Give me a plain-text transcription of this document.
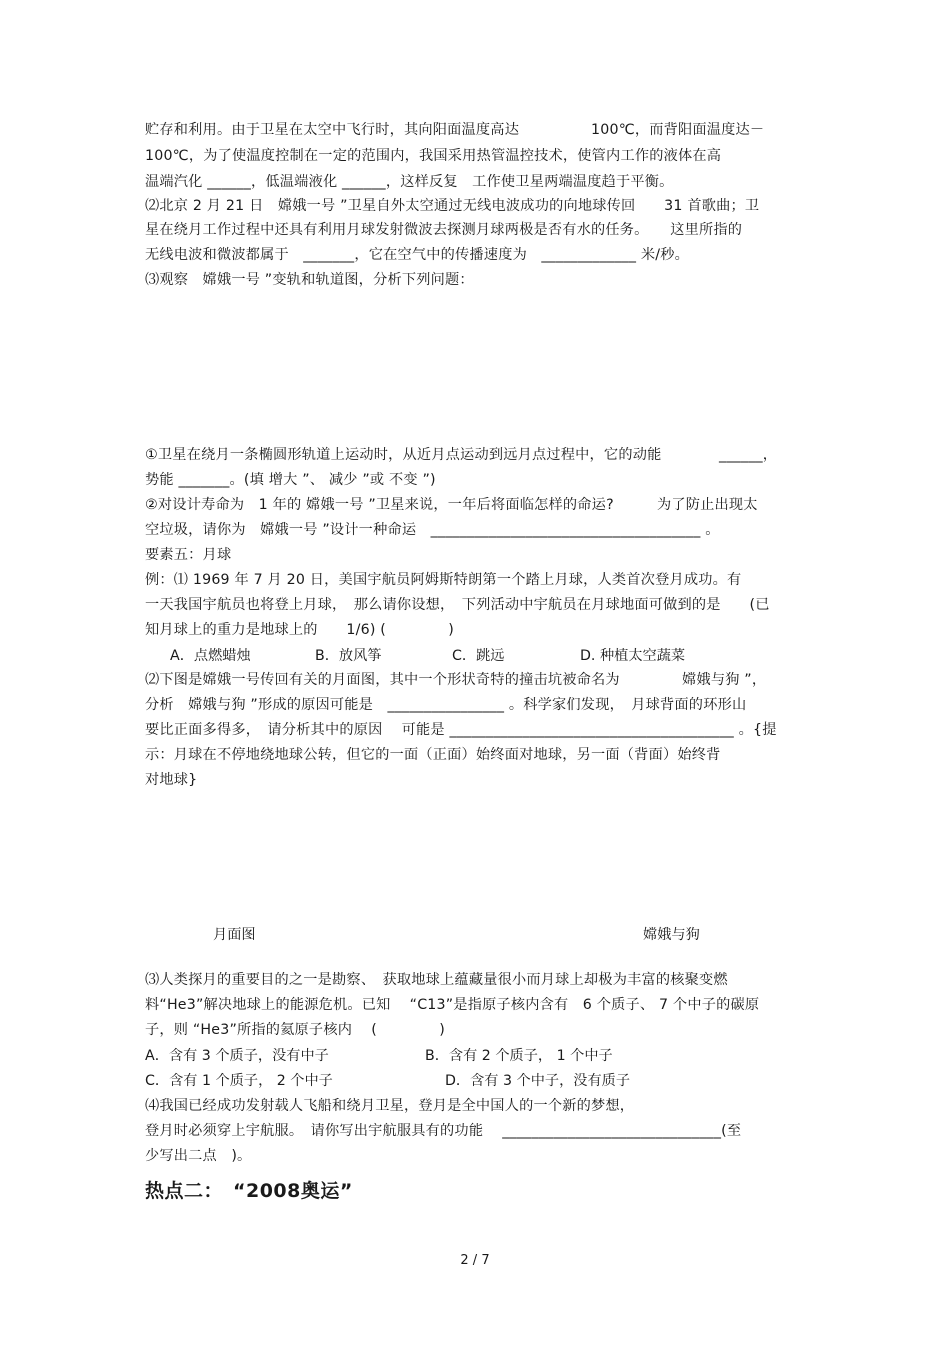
贮存和利用。由于卫星在太空中飞行时，其向阳面温度高达　　　　　100℃，而背阳面温度达－
100℃，为了使温度控制在一定的范围内，我国采用热管温控技术，使管内工作的液体在高
温端汽化 ______，低温端液化 ______，这样反复　工作使卫星两端温度趋于平衡。
⑵北京 2 月 21 日　嫦娥一号 ”卫星自外太空通过无线电波成功的向地球传回　　31 首歌曲；卫
星在绕月工作过程中还具有利用月球发射微波去探测月球两极是否有水的任务。　　这里所指的
无线电波和微波都属于　_______，它在空气中的传播速度为　_____________ 米/秒。
⑶观察　嫦娥一号 ”变轨和轨道图，分析下列问题：
①卫星在绕月一条椭圆形轨道上运动时，从近月点运动到远月点过程中，它的动能　　　　______，
势能 _______。(填 增大 ”、 减少 ”或 不变 ”)
②对设计寿命为　1 年的 嫦娥一号 ”卫星来说，一年后将面临怎样的命运?　　　为了防止出现太
空垃圾，请你为　嫦娥一号 ”设计一种命运　_____________________________________ 。
要素五：月球
例：⑴ 1969 年 7 月 20 日，美国宇航员阿姆斯特朗第一个踏上月球，人类首次登月成功。有
一天我国宇航员也将登上月球，　那么请你设想，　下列活动中宇航员在月球地面可做到的是　　(已
知月球上的重力是地球上的　　1/6) (　　　　 )
A．点燃蜡烛	B．放风筝	C．跳远	D. 种植太空蔬菜
⑵下图是嫦娥一号传回有关的月面图，其中一个形状奇特的撞击坑被命名为　　　　 嫦娥与狗 ”，
分析　嫦娥与狗 ”形成的原因可能是　________________ 。科学家们发现，　月球背面的环形山
要比正面多得多，　请分析其中的原因　 可能是 _______________________________________ 。{提
示：月球在不停地绕地球公转，但它的一面（正面）始终面对地球，另一面（背面）始终背
对地球}
月面图	嫦娥与狗
⑶人类探月的重要目的之一是勘察、　获取地球上蕴藏量很小而月球上却极为丰富的核聚变燃
料“He3”解决地球上的能源危机。已知　 “C13”是指原子核内含有　6 个质子、 7 个中子的碳原
子，则 “He3”所指的氦原子核内　 (　　　　 )
A．含有 3 个质子，没有中子	B．含有 2 个质子， 1 个中子
C．含有 1 个质子， 2 个中子	D．含有 3 个中子，没有质子
⑷我国已经成功发射载人飞船和绕月卫星，登月是全中国人的一个新的梦想，
登月时必须穿上宇航服。　请你写出宇航服具有的功能　 ______________________________(至
少写出二点　)。
热点二：　“2008奥运”
2 / 7
